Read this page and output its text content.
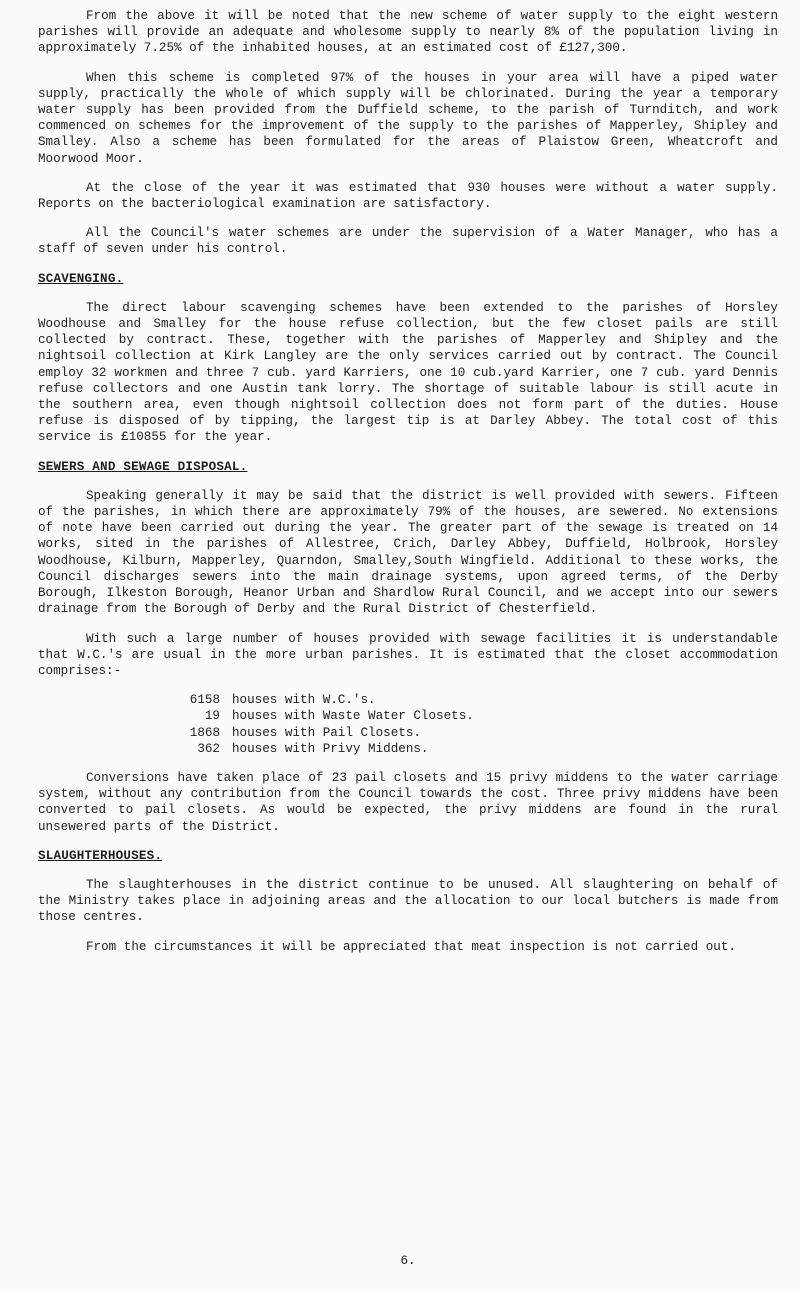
From the above it will be noted that the new scheme of water supply to the eight western parishes will provide an adequate and wholesome supply to nearly 8% of the population living in approximately 7.25% of the inhabited houses, at an estimated cost of £127,300.

When this scheme is completed 97% of the houses in your area will have a piped water supply, practically the whole of which supply will be chlorinated. During the year a temporary water supply has been provided from the Duffield scheme, to the parish of Turnditch, and work commenced on schemes for the improvement of the supply to the parishes of Mapperley, Shipley and Smalley. Also a scheme has been formulated for the areas of Plaistow Green, Wheatcroft and Moorwood Moor.

At the close of the year it was estimated that 930 houses were without a water supply. Reports on the bacteriological examination are satisfactory.

All the Council's water schemes are under the supervision of a Water Manager, who has a staff of seven under his control.

SCAVENGING.

The direct labour scavenging schemes have been extended to the parishes of Horsley Woodhouse and Smalley for the house refuse collection, but the few closet pails are still collected by contract. These, together with the parishes of Mapperley and Shipley and the nightsoil collection at Kirk Langley are the only services carried out by contract. The Council employ 32 workmen and three 7 cub. yard Karriers, one 10 cub.yard Karrier, one 7 cub. yard Dennis refuse collectors and one Austin tank lorry. The shortage of suitable labour is still acute in the southern area, even though nightsoil collection does not form part of the duties. House refuse is disposed of by tipping, the largest tip is at Darley Abbey. The total cost of this service is £10855 for the year.

SEWERS AND SEWAGE DISPOSAL.

Speaking generally it may be said that the district is well provided with sewers. Fifteen of the parishes, in which there are approximately 79% of the houses, are sewered. No extensions of note have been carried out during the year. The greater part of the sewage is treated on 14 works, sited in the parishes of Allestree, Crich, Darley Abbey, Duffield, Holbrook, Horsley Woodhouse, Kilburn, Mapperley, Quarndon, Smalley,South Wingfield. Additional to these works, the Council discharges sewers into the main drainage systems, upon agreed terms, of the Derby Borough, Ilkeston Borough, Heanor Urban and Shardlow Rural Council, and we accept into our sewers drainage from the Borough of Derby and the Rural District of Chesterfield.

With such a large number of houses provided with sewage facilities it is understandable that W.C.'s are usual in the more urban parishes. It is estimated that the closet accommodation comprises:-

6158 houses with W.C.'s.
19 houses with Waste Water Closets.
1868 houses with Pail Closets.
362 houses with Privy Middens.

Conversions have taken place of 23 pail closets and 15 privy middens to the water carriage system, without any contribution from the Council towards the cost. Three privy middens have been converted to pail closets. As would be expected, the privy middens are found in the rural unsewered parts of the District.

SLAUGHTERHOUSES.

The slaughterhouses in the district continue to be unused. All slaughtering on behalf of the Ministry takes place in adjoining areas and the allocation to our local butchers is made from those centres.

From the circumstances it will be appreciated that meat inspection is not carried out.

6.
